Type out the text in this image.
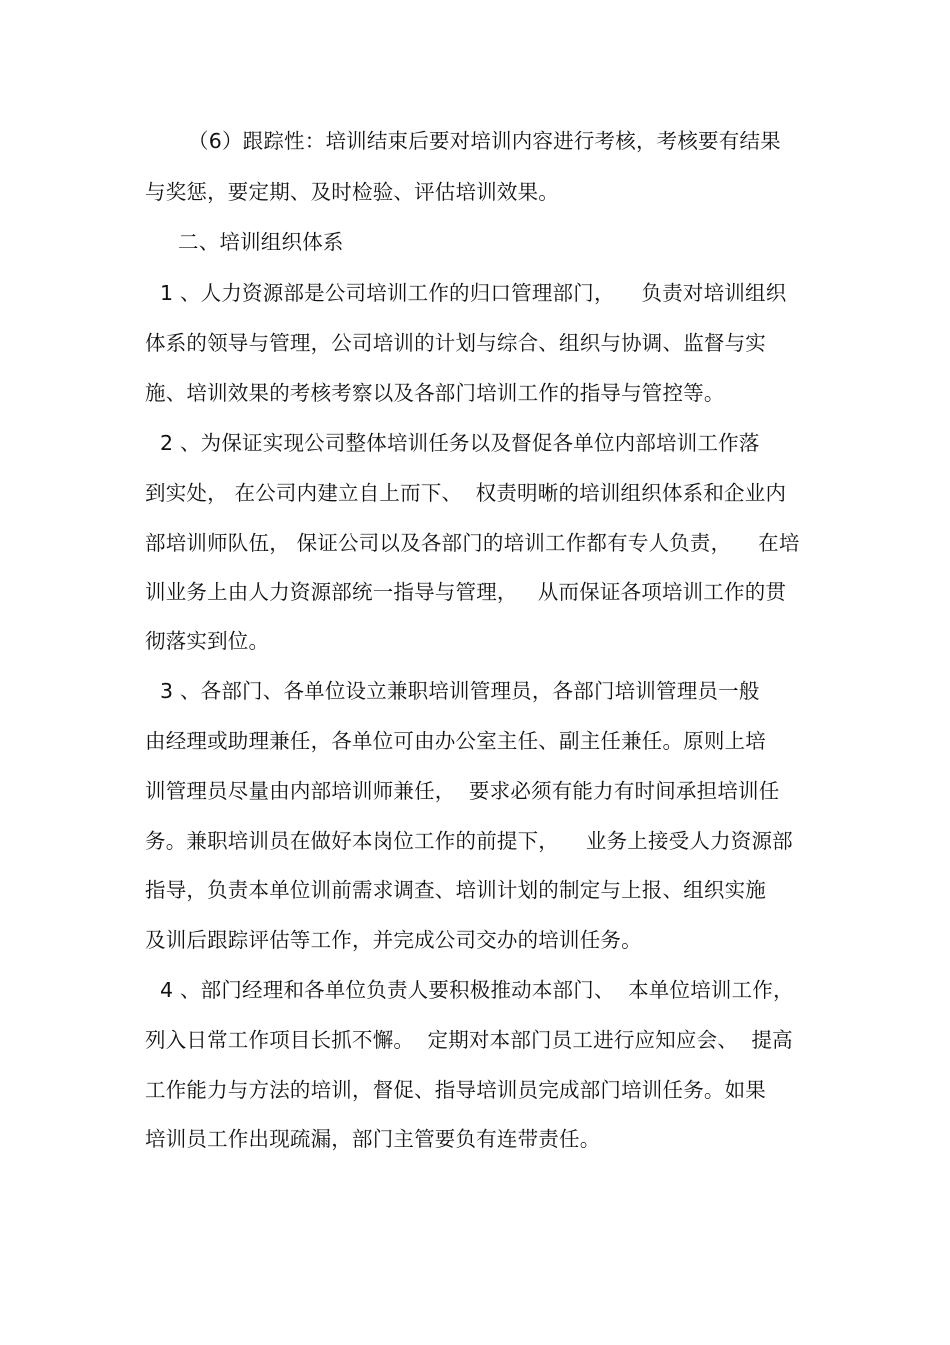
（6）跟踪性：培训结束后要对培训内容进行考核，考核要有结果
与奖惩，要定期、及时检验、评估培训效果。
二、培训组织体系
1 、人力资源部是公司培训工作的归口管理部门，    负责对培训组织
体系的领导与管理，公司培训的计划与综合、组织与协调、监督与实
施、培训效果的考核考察以及各部门培训工作的指导与管控等。
2 、为保证实现公司整体培训任务以及督促各单位内部培训工作落
到实处， 在公司内建立自上而下、  权责明晰的培训组织体系和企业内
部培训师队伍， 保证公司以及各部门的培训工作都有专人负责，    在培
训业务上由人力资源部统一指导与管理，   从而保证各项培训工作的贯
彻落实到位。
3 、各部门、各单位设立兼职培训管理员，各部门培训管理员一般
由经理或助理兼任，各单位可由办公室主任、副主任兼任。原则上培
训管理员尽量由内部培训师兼任，  要求必须有能力有时间承担培训任
务。兼职培训员在做好本岗位工作的前提下，    业务上接受人力资源部
指导，负责本单位训前需求调查、培训计划的制定与上报、组织实施
及训后跟踪评估等工作，并完成公司交办的培训任务。
4 、部门经理和各单位负责人要积极推动本部门、  本单位培训工作，
列入日常工作项目长抓不懈。  定期对本部门员工进行应知应会、  提高
工作能力与方法的培训，督促、指导培训员完成部门培训任务。如果
培训员工作出现疏漏，部门主管要负有连带责任。
